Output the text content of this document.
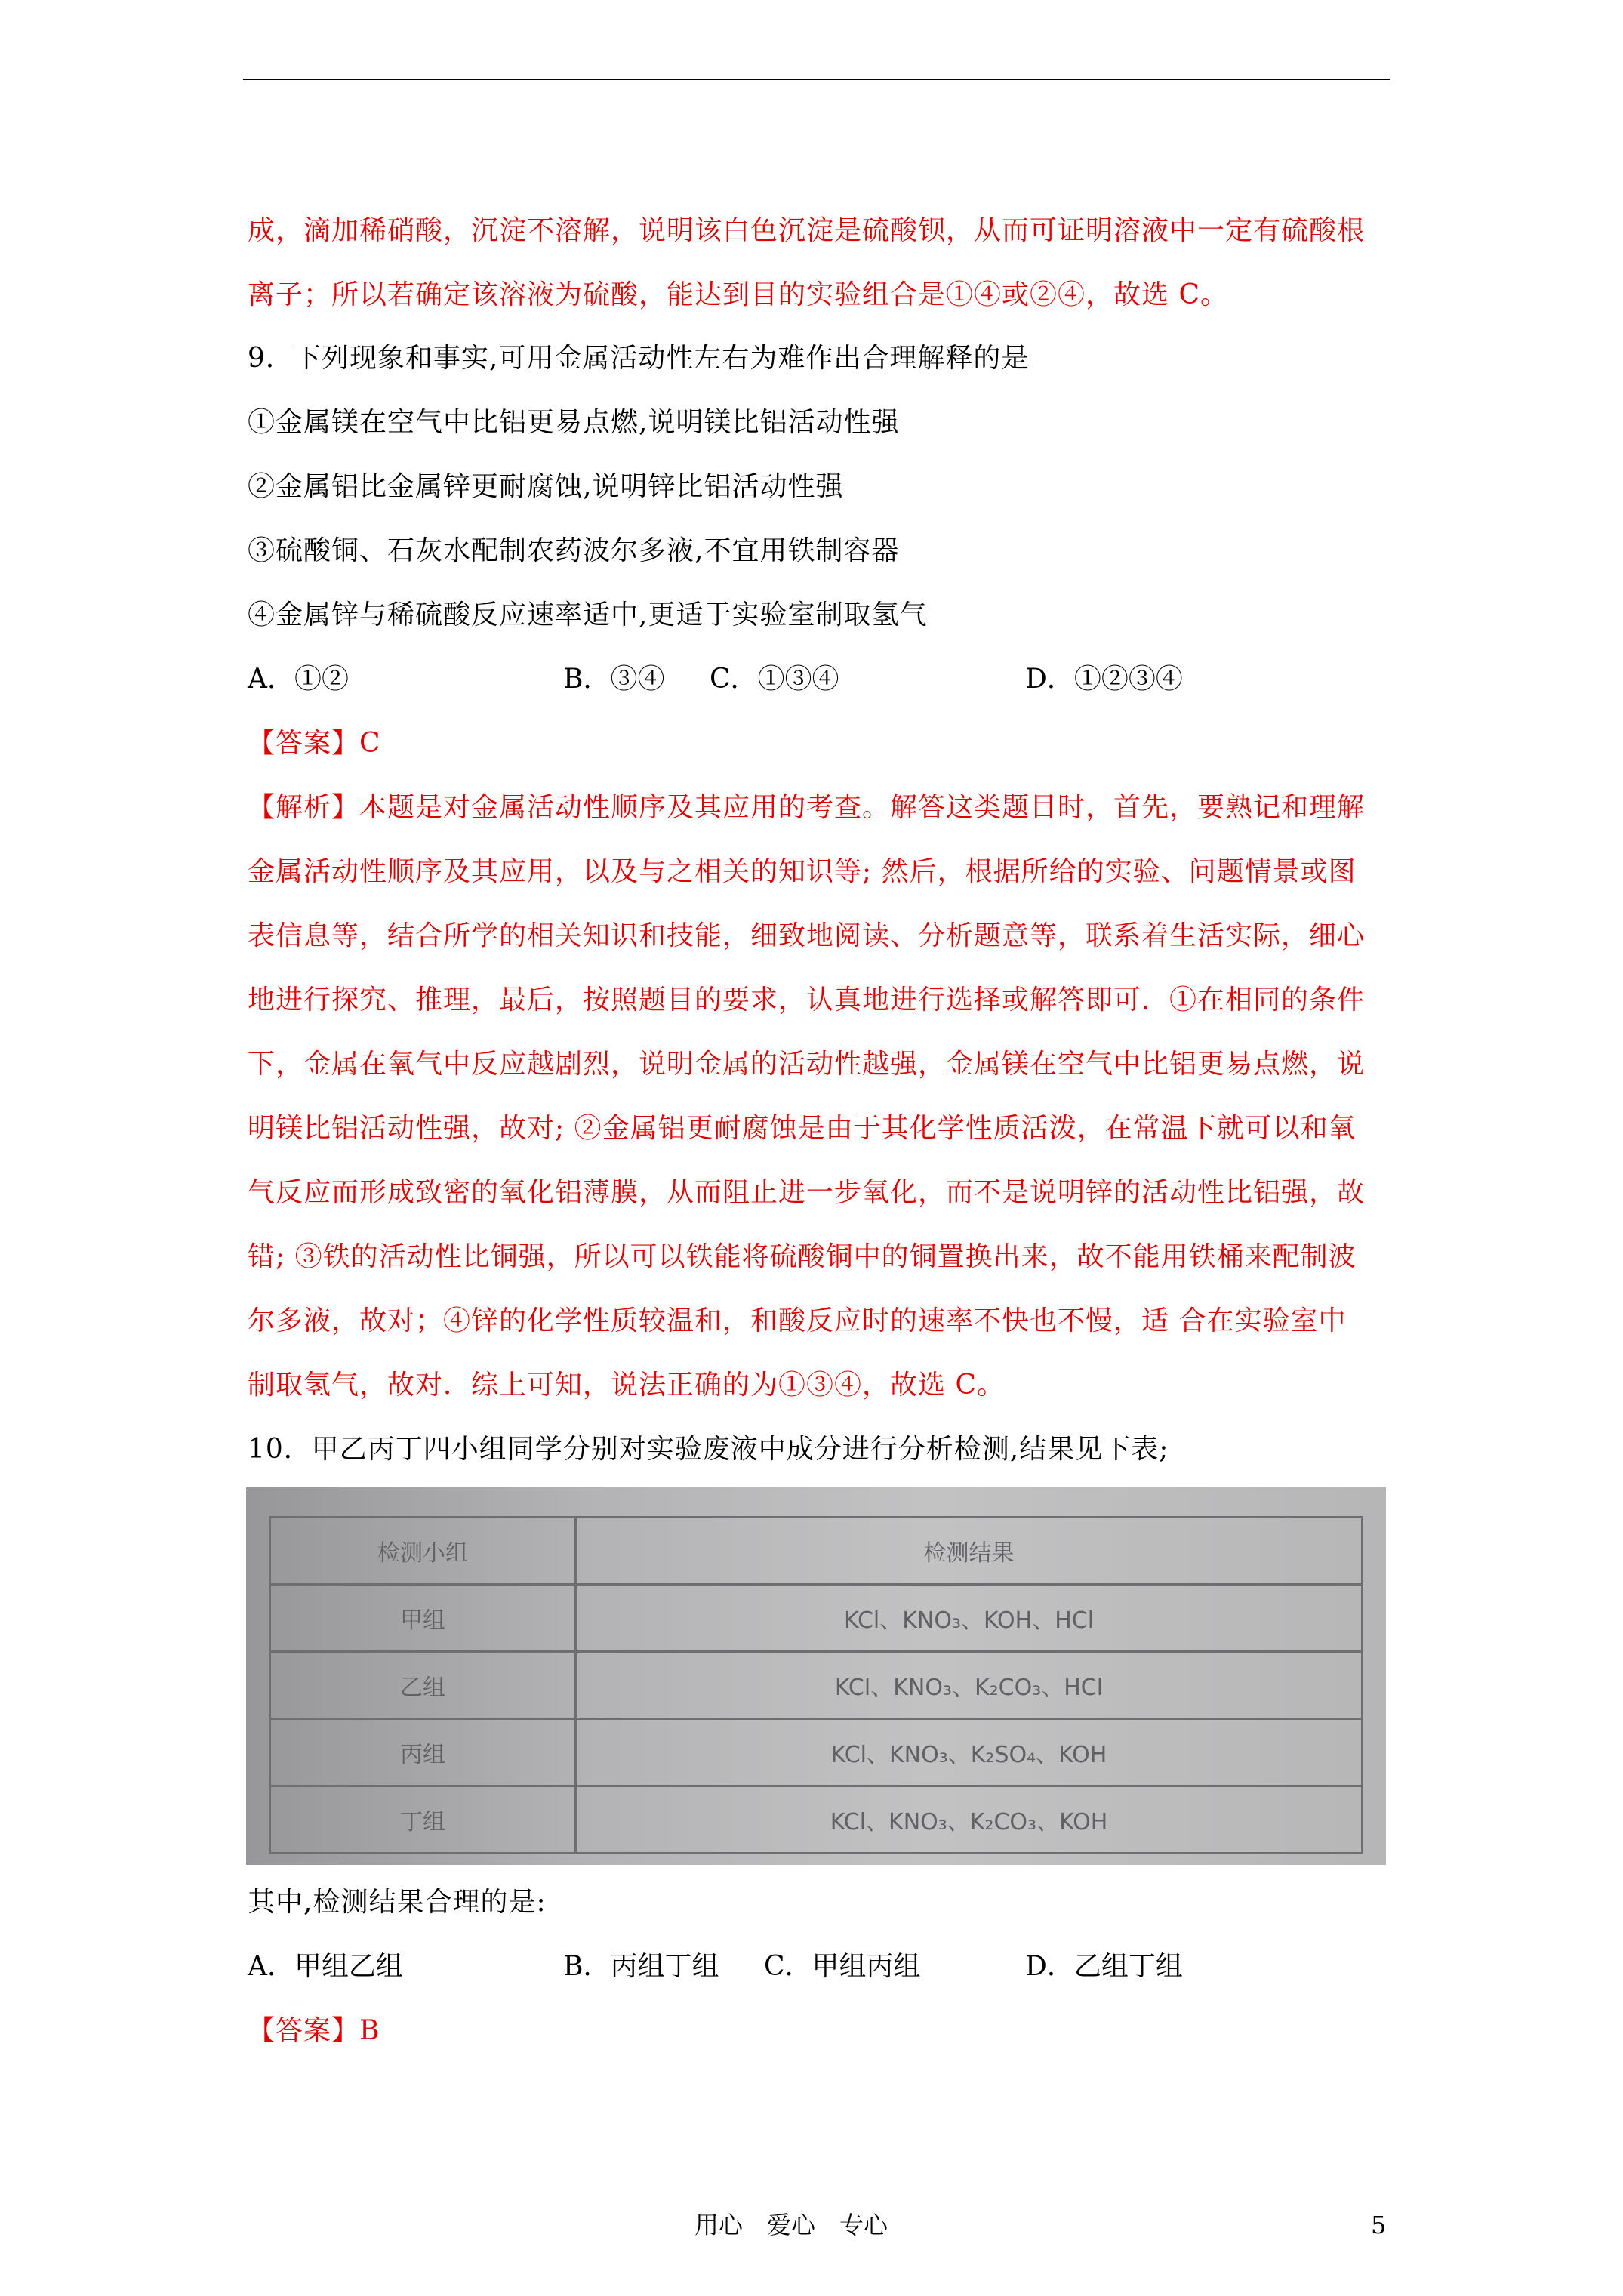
成，滴加稀硝酸，沉淀不溶解，说明该白色沉淀是硫酸钡，从而可证明溶液中一定有硫酸根
离子；所以若确定该溶液为硫酸，能达到目的实验组合是①④或②④，故选 C。
9．下列现象和事实,可用金属活动性左右为难作出合理解释的是
①金属镁在空气中比铝更易点燃,说明镁比铝活动性强
②金属铝比金属锌更耐腐蚀,说明锌比铝活动性强
③硫酸铜、石灰水配制农药波尔多液,不宜用铁制容器
④金属锌与稀硫酸反应速率适中,更适于实验室制取氢气
A．①②	B．③④ C．①③④	D．①②③④
【答案】C
【解析】本题是对金属活动性顺序及其应用的考查。解答这类题目时，首先，要熟记和理解
金属活动性顺序及其应用，以及与之相关的知识等; 然后，根据所给的实验、问题情景或图
表信息等，结合所学的相关知识和技能，细致地阅读、分析题意等，联系着生活实际，细心
地进行探究、推理，最后，按照题目的要求，认真地进行选择或解答即可．①在相同的条件
下，金属在氧气中反应越剧烈，说明金属的活动性越强，金属镁在空气中比铝更易点燃，说
明镁比铝活动性强，故对; ②金属铝更耐腐蚀是由于其化学性质活泼，在常温下就可以和氧
气反应而形成致密的氧化铝薄膜，从而阻止进一步氧化，而不是说明锌的活动性比铝强，故
错; ③铁的活动性比铜强，所以可以铁能将硫酸铜中的铜置换出来，故不能用铁桶来配制波
尔多液，故对；④锌的化学性质较温和，和酸反应时的速率不快也不慢，适 合在实验室中
制取氢气，故对．综上可知，说法正确的为①③④，故选 C。
10．甲乙丙丁四小组同学分别对实验废液中成分进行分析检测,结果见下表;
检测小组	检测结果
甲组	KCl、KNO₃、KOH、HCl
乙组	KCl、KNO₃、K₂CO₃、HCl
丙组	KCl、KNO₃、K₂SO₄、KOH
丁组	KCl、KNO₃、K₂CO₃、KOH
其中,检测结果合理的是:
A．甲组乙组	B．丙组丁组 C．甲组丙组	D．乙组丁组
【答案】B
用心　爱心　专心	5
